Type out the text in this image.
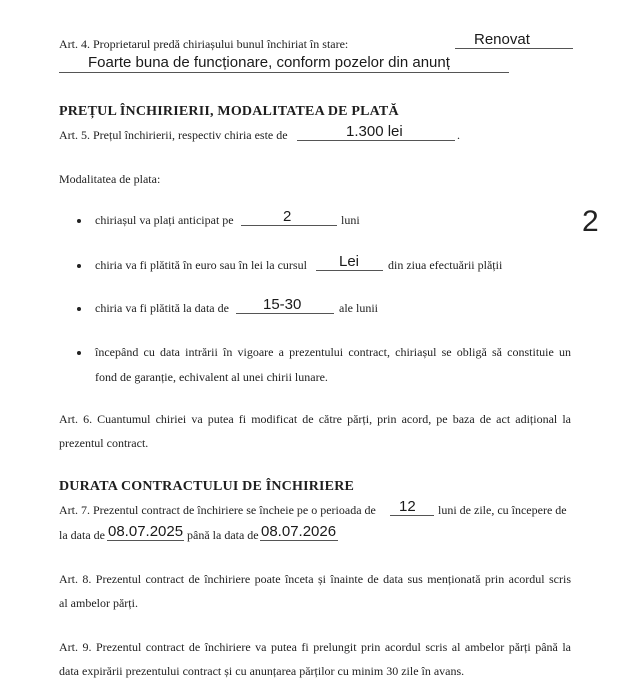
Art. 4. Proprietarul predă chiriașului bunul închiriat în stare:	Renovat
Foarte buna de funcționare, conform pozelor din anunț
PREȚUL ÎNCHIRIERII, MODALITATEA DE PLATĂ
Art. 5. Prețul închirierii, respectiv chiria este de	1.300 lei	.
Modalitatea de plata:
chiriașul va plați anticipat pe	2	luni
chiria va fi plătită în euro sau în lei la cursul Lei din ziua efectuării plății
chiria va fi plătită la data de 15-30	ale lunii
începând cu data intrării în vigoare a prezentului contract, chiriașul se obligă să constituie un
fond de garanție, echivalent al unei chirii lunare.
Art. 6. Cuantumul chiriei va putea fi modificat de către părți, prin acord, pe baza de act adițional la
prezentul contract.
DURATA CONTRACTULUI DE ÎNCHIRIERE
Art. 7. Prezentul contract de închiriere se încheie pe o perioada de 12 luni de zile, cu începere de
la data de 08.07.2025 până la data de 08.07.2026
Art. 8. Prezentul contract de închiriere poate înceta și înainte de data sus menționată prin acordul scris
al ambelor părți.
Art. 9. Prezentul contract de închiriere va putea fi prelungit prin acordul scris al ambelor părți până la
data expirării prezentului contract și cu anunțarea părților cu minim 30 zile în avans.
2
